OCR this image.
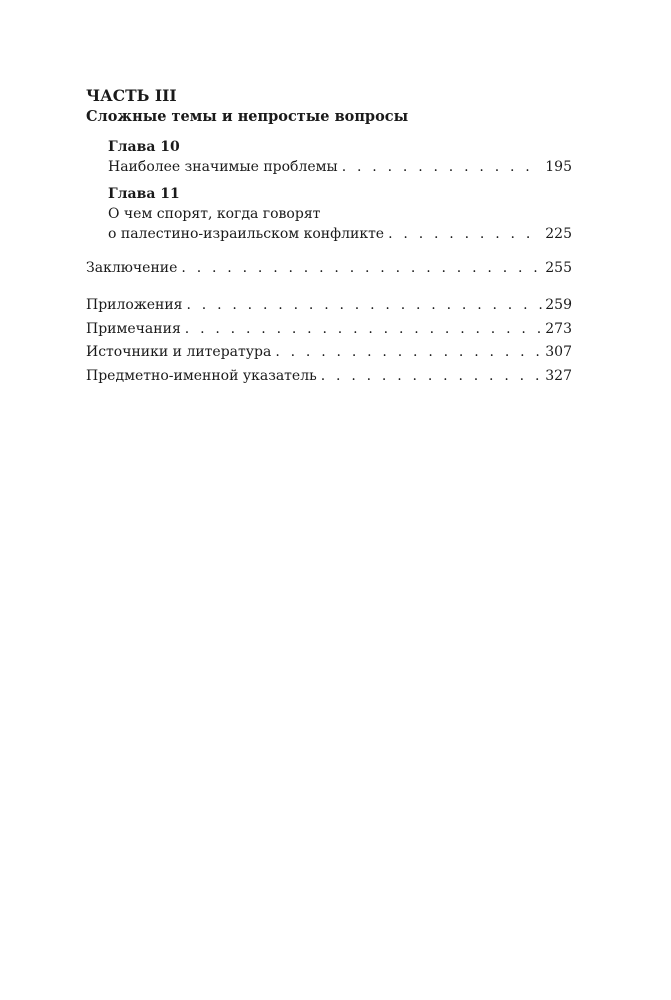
ЧАСТЬ III
Сложные темы и непростые вопросы
Глава 10
Наиболее значимые проблемы . . .	195
Глава 11
О чем спорят, когда говорят
о палестино-израильском конфликте . . .	225
Заключение . . .	255
Приложения . . .	259
Примечания . . .	273
Источники и литература . . .	307
Предметно-именной указатель . . .	327
